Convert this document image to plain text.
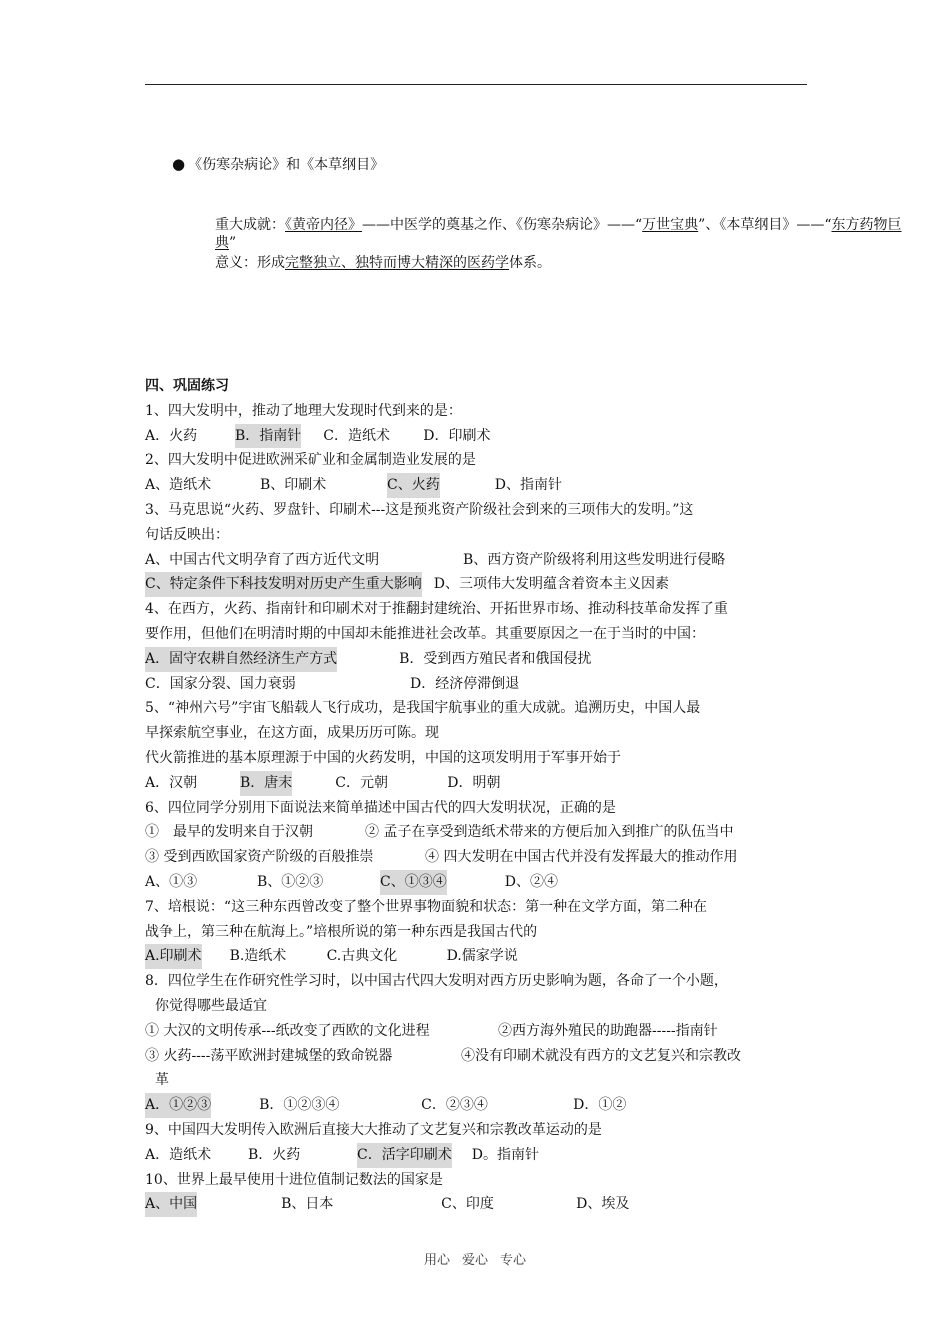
● 《伤寒杂病论》和《本草纲目》
重大成就：《黄帝内径》——中医学的奠基之作、《伤寒杂病论》——“万世宝典”、《本草纲目》——“东方药物巨典”
意义：形成完整独立、独特而博大精深的医药学体系。
四、巩固练习
1、四大发明中，推动了地理大发现时代到来的是：
A．火药	B．指南针 C．造纸术 D．印刷术
2、四大发明中促进欧洲采矿业和金属制造业发展的是
A、造纸术	B、印刷术	C、火药	D、指南针
3、马克思说“火药、罗盘针、印刷术---这是预兆资产阶级社会到来的三项伟大的发明。”这
句话反映出：
A、中国古代文明孕育了西方近代文明	B、西方资产阶级将利用这些发明进行侵略
C、特定条件下科技发明对历史产生重大影响 D、三项伟大发明蕴含着资本主义因素
4、在西方，火药、指南针和印刷术对于推翻封建统治、开拓世界市场、推动科技革命发挥了重
要作用，但他们在明清时期的中国却未能推进社会改革。其重要原因之一在于当时的中国：
A．固守农耕自然经济生产方式	B．受到西方殖民者和俄国侵扰
C．国家分裂、国力衰弱	D．经济停滞倒退
5、“神州六号”宇宙飞船载人飞行成功，是我国宇航事业的重大成就。追溯历史，中国人最
早探索航空事业，在这方面，成果历历可陈。现
代火箭推进的基本原理源于中国的火药发明，中国的这项发明用于军事开始于
A．汉朝	B．唐末	C．元朝	D．明朝
6、四位同学分别用下面说法来简单描述中国古代的四大发明状况，正确的是
①　最早的发明来自于汉朝	② 孟子在享受到造纸术带来的方便后加入到推广的队伍当中
③ 受到西欧国家资产阶级的百般推崇	④ 四大发明在中国古代并没有发挥最大的推动作用
A、①③	B、①②③	C、①③④	D、②④
7、培根说：“这三种东西曾改变了整个世界事物面貌和状态：第一种在文学方面，第二种在
战争上，第三种在航海上。”培根所说的第一种东西是我国古代的
A.印刷术 B.造纸术	C.古典文化	D.儒家学说
8．四位学生在作研究性学习时，以中国古代四大发明对西方历史影响为题，各命了一个小题，
你觉得哪些最适宜
① 大汉的文明传承---纸改变了西欧的文化进程	②西方海外殖民的助跑器-----指南针
③ 火药----荡平欧洲封建城堡的致命锐器	④没有印刷术就没有西方的文艺复兴和宗教改
革
A．①②③	B．①②③④	C．②③④	D．①②
9、中国四大发明传入欧洲后直接大大推动了文艺复兴和宗教改革运动的是
A．造纸术	B．火药	C．活字印刷术 D。指南针
10、世界上最早使用十进位值制记数法的国家是
A、中国	B、日本	C、印度	D、埃及
用心 爱心 专心
